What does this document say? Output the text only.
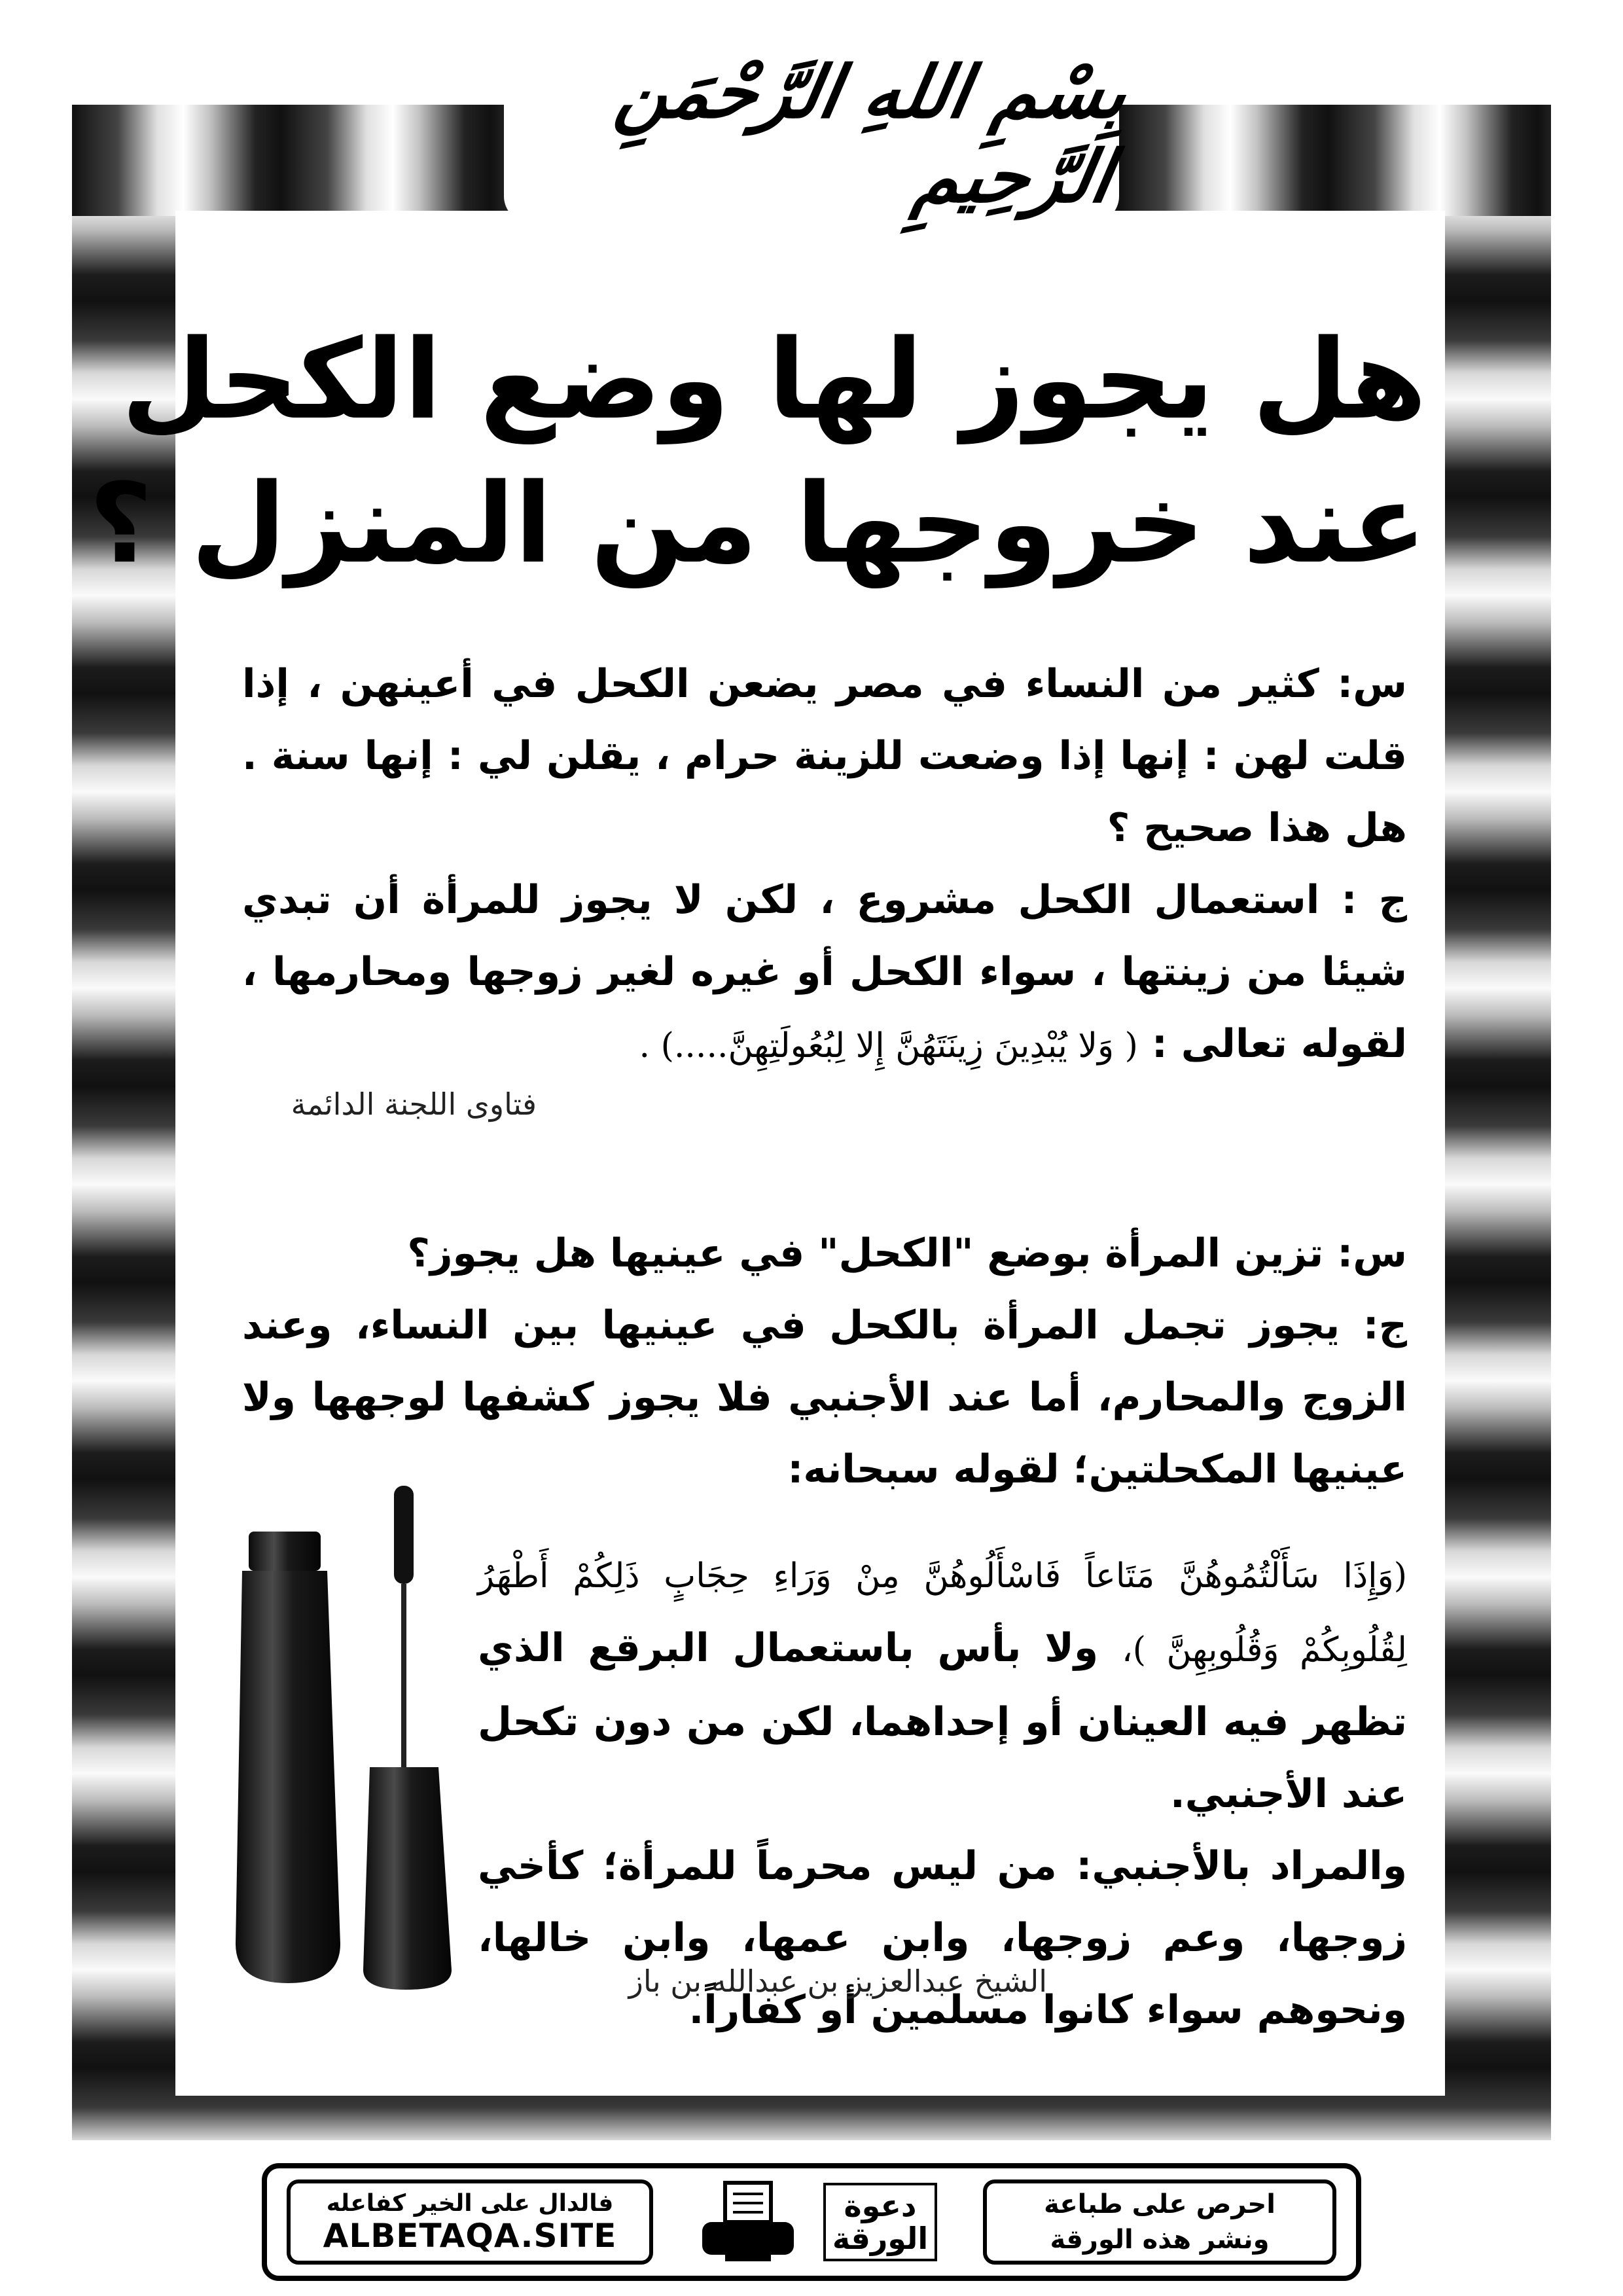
بِسْمِ اللهِ الرَّحْمَنِ الرَّحِيمِ
هل يجوز لها وضع الكحل
عند خروجها من المنزل ؟
س: كثير من النساء في مصر يضعن الكحل في أعينهن ، إذا قلت لهن : إنها إذا وضعت للزينة حرام ، يقلن لي : إنها سنة . هل هذا صحيح ؟
ج : استعمال الكحل مشروع ، لكن لا يجوز للمرأة أن تبدي شيئا من زينتها ، سواء الكحل أو غيره لغير زوجها ومحارمها ، لقوله تعالى : ( وَلا يُبْدِينَ زِينَتَهُنَّ إِلا لِبُعُولَتِهِنَّ.....) .
فتاوى اللجنة الدائمة
س: تزين المرأة بوضع "الكحل" في عينيها هل يجوز؟
ج: يجوز تجمل المرأة بالكحل في عينيها بين النساء، وعند الزوج والمحارم، أما عند الأجنبي فلا يجوز كشفها لوجهها ولا عينيها المكحلتين؛ لقوله سبحانه:
(وَإِذَا سَأَلْتُمُوهُنَّ مَتَاعاً فَاسْأَلُوهُنَّ مِنْ وَرَاءِ حِجَابٍ ذَلِكُمْ أَطْهَرُ لِقُلُوبِكُمْ وَقُلُوبِهِنَّ )، ولا بأس باستعمال البرقع الذي تظهر فيه العينان أو إحداهما، لكن من دون تكحل عند الأجنبي.
والمراد بالأجنبي: من ليس محرماً للمرأة؛ كأخي زوجها، وعم زوجها، وابن عمها، وابن خالها، ونحوهم سواء كانوا مسلمين أو كفاراً.
الشيخ عبدالعزيز بن عبدالله بن باز
احرص على طباعة
ونشر هذه الورقة
دعوة
الورقة
فالدال على الخير كفاعله
ALBETAQA.SITE
